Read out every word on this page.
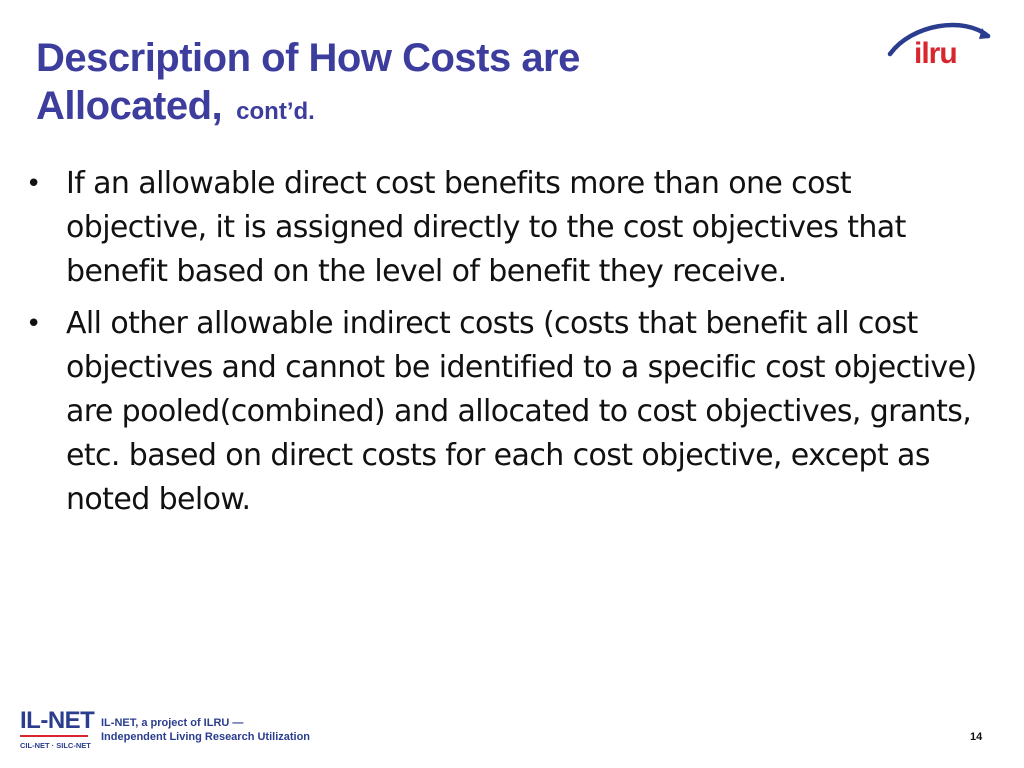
Description of How Costs are
Allocated, cont’d.
ilru
• If an allowable direct cost benefits more than one cost objective, it is assigned directly to the cost objectives that benefit based on the level of benefit they receive.
• All other allowable indirect costs (costs that benefit all cost objectives and cannot be identified to a specific cost objective) are pooled(combined) and allocated to cost objectives, grants, etc. based on direct costs for each cost objective, except as noted below.
IL-NET
CIL-NET · SILC-NET
IL-NET, a project of ILRU —
Independent Living Research Utilization	14
